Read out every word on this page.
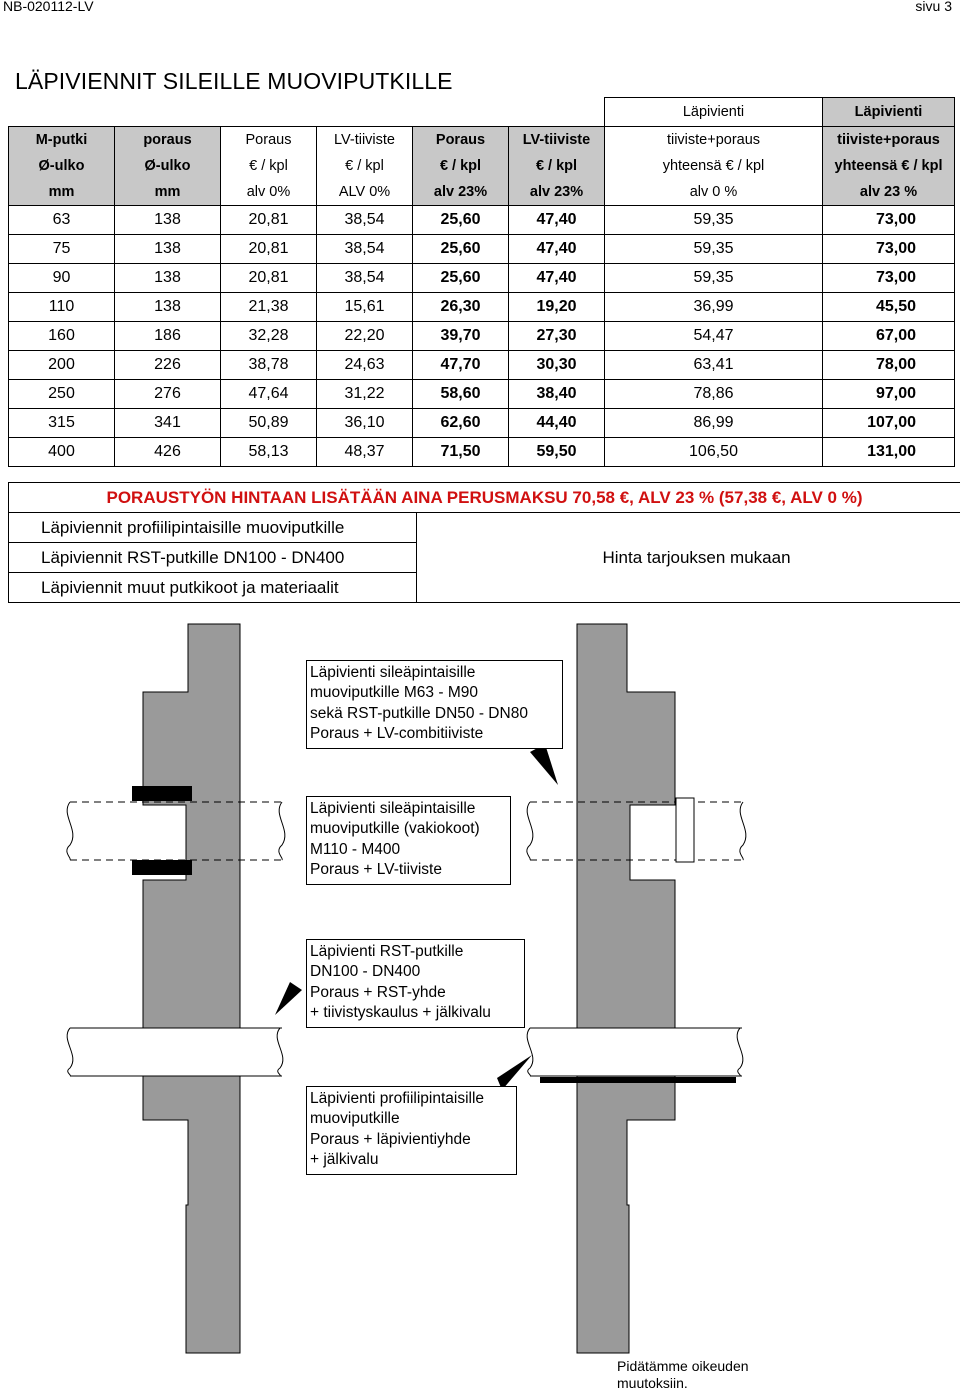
NB-020112-LV	sivu 3
LÄPIVIENNIT SILEILLE MUOVIPUTKILLE
						Läpivienti	Läpivienti
M-putki	poraus	Poraus	LV-tiiviste	Poraus	LV-tiiviste	tiiviste+poraus	tiiviste+poraus
Ø-ulko	Ø-ulko	€ / kpl	€ / kpl	€ / kpl	€ / kpl	yhteensä € / kpl	yhteensä € / kpl
mm	mm	alv 0%	ALV 0%	alv 23%	alv 23%	alv 0 %	alv 23 %
63	138	20,81	38,54	25,60	47,40	59,35	73,00
75	138	20,81	38,54	25,60	47,40	59,35	73,00
90	138	20,81	38,54	25,60	47,40	59,35	73,00
110	138	21,38	15,61	26,30	19,20	36,99	45,50
160	186	32,28	22,20	39,70	27,30	54,47	67,00
200	226	38,78	24,63	47,70	30,30	63,41	78,00
250	276	47,64	31,22	58,60	38,40	78,86	97,00
315	341	50,89	36,10	62,60	44,40	86,99	107,00
400	426	58,13	48,37	71,50	59,50	106,50	131,00
PORAUSTYÖN HINTAAN LISÄTÄÄN AINA PERUSMAKSU 70,58 €, ALV 23 % (57,38 €, ALV 0 %)
Läpiviennit profiilipintaisille muoviputkille	Hinta tarjouksen mukaan
Läpiviennit RST-putkille DN100 - DN400
Läpiviennit muut putkikoot ja materiaalit
Läpivienti sileäpintaisille
muoviputkille M63 - M90
sekä RST-putkille DN50 - DN80
Poraus + LV-combitiiviste
Läpivienti sileäpintaisille
muoviputkille (vakiokoot)
M110 - M400
Poraus + LV-tiiviste
Läpivienti RST-putkille
DN100 - DN400
Poraus + RST-yhde
+ tiivistyskaulus + jälkivalu
Läpivienti profiilipintaisille
muoviputkille
Poraus + läpivientiyhde
+ jälkivalu
Pidätämme oikeuden
muutoksiin.
